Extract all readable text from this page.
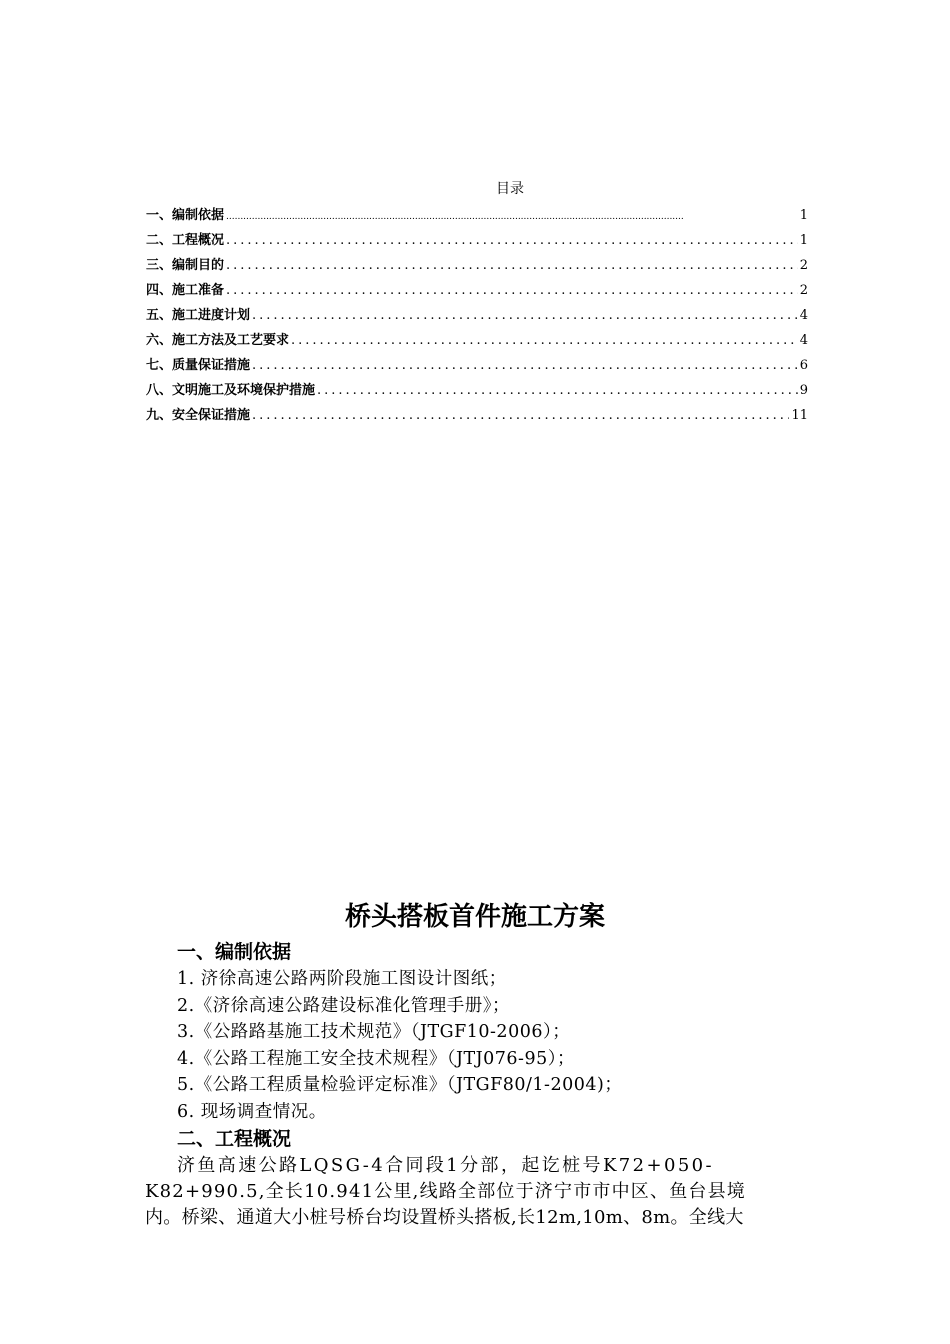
目录
一、编制依据 .....	1
二、工程概况 .....	1
三、编制目的 .....	2
四、施工准备 .....	2
五、施工进度计划 .....	4
六、施工方法及工艺要求 .....	4
七、质量保证措施 .....	6
八、文明施工及环境保护措施 .....	9
九、安全保证措施 .....	11
桥头搭板首件施工方案
一、编制依据
1. 济徐高速公路两阶段施工图设计图纸；
2.《济徐高速公路建设标准化管理手册》；
3.《公路路基施工技术规范》（JTGF10-2006）；
4.《公路工程施工安全技术规程》（JTJ076-95）；
5.《公路工程质量检验评定标准》（JTGF80/1-2004)；
6. 现场调查情况。
二、工程概况
济鱼高速公路LQSG-4合同段1分部，起讫桩号K72+050-
K82+990.5,全长10.941公里,线路全部位于济宁市市中区、鱼台县境
内。桥梁、通道大小桩号桥台均设置桥头搭板,长12m,10m、8m。全线大
